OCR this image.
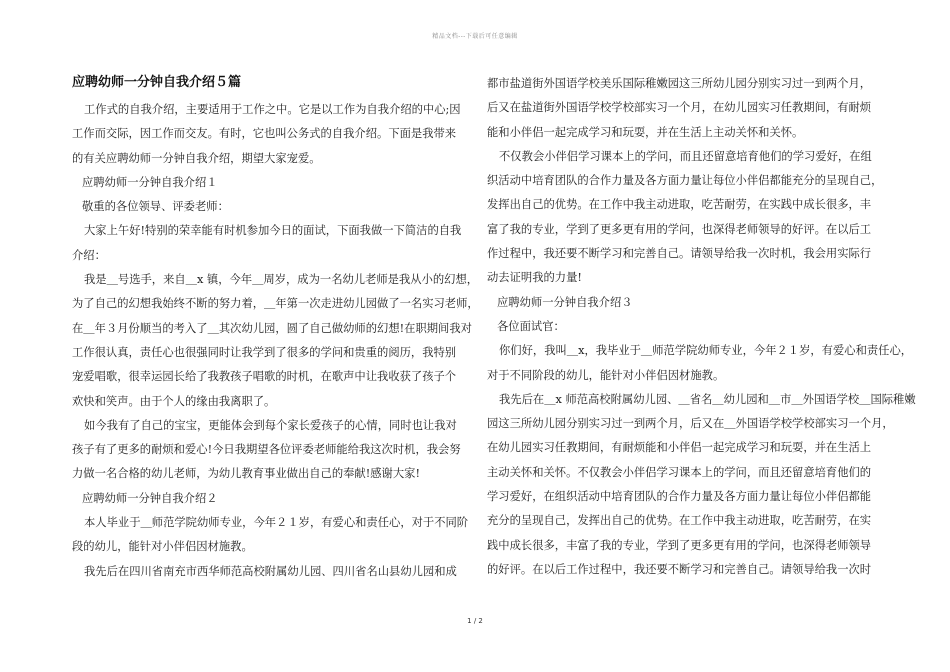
精品文档---下载后可任意编辑
应聘幼师一分钟自我介绍５篇

工作式的自我介绍，主要适用于工作之中。它是以工作为自我介绍的中心;因
工作而交际，因工作而交友。有时，它也叫公务式的自我介绍。下面是我带来
的有关应聘幼师一分钟自我介绍，期望大家宠爱。

应聘幼师一分钟自我介绍１

敬重的各位领导、评委老师：

大家上午好!特别的荣幸能有时机参加今日的面试，下面我做一下简洁的自我
介绍：

我是＿号选手，来自＿x 镇，今年＿周岁，成为一名幼儿老师是我从小的幻想，
为了自己的幻想我始终不断的努力着，＿年第一次走进幼儿园做了一名实习老师，
在＿年３月份顺当的考入了＿其次幼儿园，圆了自己做幼师的幻想!在职期间我对
工作很认真，责任心也很强同时让我学到了很多的学问和贵重的阅历，我特别
宠爱唱歌，很幸运园长给了我教孩子唱歌的时机，在歌声中让我收获了孩子个
欢快和笑声。由于个人的缘由我离职了。

如今我有了自己的宝宝，更能体会到每个家长爱孩子的心情，同时也让我对
孩子有了更多的耐烦和爱心!今日我期望各位评委老师能给我这次时机，我会努
力做一名合格的幼儿老师，为幼儿教育事业做出自己的奉献!感谢大家!

应聘幼师一分钟自我介绍２

本人毕业于＿师范学院幼师专业，今年２１岁，有爱心和责任心，对于不同阶
段的幼儿，能针对小伴侣因材施教。

我先后在四川省南充市西华师范高校附属幼儿园、四川省名山县幼儿园和成

都市盐道街外国语学校美乐国际稚嫩园这三所幼儿园分别实习过一到两个月，
后又在盐道街外国语学校学校部实习一个月，在幼儿园实习任教期间，有耐烦
能和小伴侣一起完成学习和玩耍，并在生活上主动关怀和关怀。

不仅教会小伴侣学习课本上的学问，而且还留意培育他们的学习爱好，在组
织活动中培育团队的合作力量及各方面力量让每位小伴侣都能充分的呈现自己，
发挥出自己的优势。在工作中我主动进取，吃苦耐劳，在实践中成长很多，丰
富了我的专业，学到了更多更有用的学问，也深得老师领导的好评。在以后工
作过程中，我还要不断学习和完善自己。请领导给我一次时机，我会用实际行
动去证明我的力量!

应聘幼师一分钟自我介绍３

各位面试官：

你们好，我叫＿x，我毕业于＿师范学院幼师专业，今年２１岁，有爱心和责任心，
对于不同阶段的幼儿，能针对小伴侣因材施教。

我先后在＿x 师范高校附属幼儿园、＿省名＿幼儿园和＿市＿外国语学校＿国际稚嫩
园这三所幼儿园分别实习过一到两个月，后又在＿外国语学校学校部实习一个月，
在幼儿园实习任教期间，有耐烦能和小伴侣一起完成学习和玩耍，并在生活上
主动关怀和关怀。不仅教会小伴侣学习课本上的学问，而且还留意培育他们的
学习爱好，在组织活动中培育团队的合作力量及各方面力量让每位小伴侣都能
充分的呈现自己，发挥出自己的优势。在工作中我主动进取，吃苦耐劳，在实
践中成长很多，丰富了我的专业，学到了更多更有用的学问，也深得老师领导
的好评。在以后工作过程中，我还要不断学习和完善自己。请领导给我一次时

1 / 2
